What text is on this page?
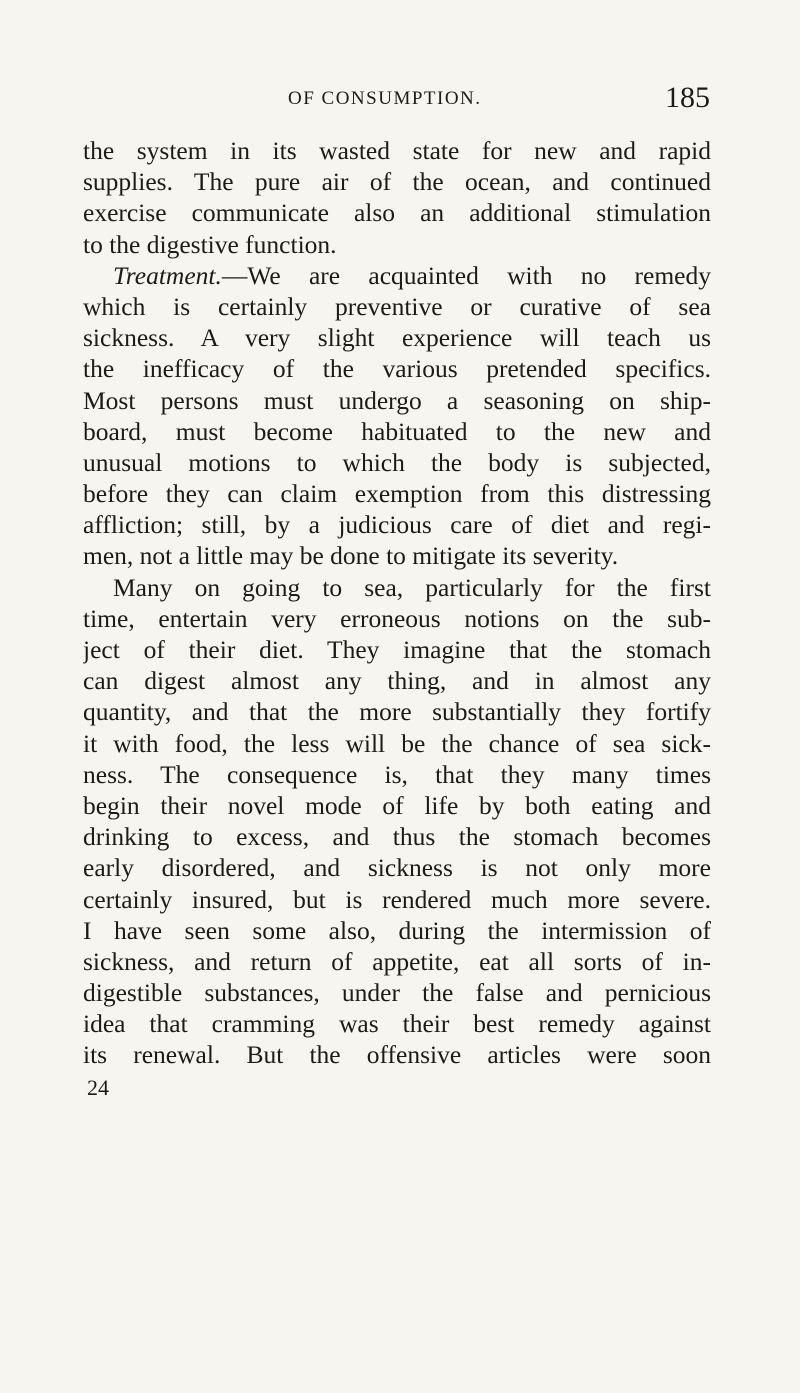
OF CONSUMPTION.	185
the system in its wasted state for new and rapid
supplies. The pure air of the ocean, and continued
exercise communicate also an additional stimulation
to the digestive function.
Treatment.—We are acquainted with no remedy
which is certainly preventive or curative of sea
sickness. A very slight experience will teach us
the inefficacy of the various pretended specifics.
Most persons must undergo a seasoning on ship-
board, must become habituated to the new and
unusual motions to which the body is subjected,
before they can claim exemption from this distressing
affliction; still, by a judicious care of diet and regi-
men, not a little may be done to mitigate its severity.
Many on going to sea, particularly for the first
time, entertain very erroneous notions on the sub-
ject of their diet. They imagine that the stomach
can digest almost any thing, and in almost any
quantity, and that the more substantially they fortify
it with food, the less will be the chance of sea sick-
ness. The consequence is, that they many times
begin their novel mode of life by both eating and
drinking to excess, and thus the stomach becomes
early disordered, and sickness is not only more
certainly insured, but is rendered much more severe.
I have seen some also, during the intermission of
sickness, and return of appetite, eat all sorts of in-
digestible substances, under the false and pernicious
idea that cramming was their best remedy against
its renewal. But the offensive articles were soon
24
